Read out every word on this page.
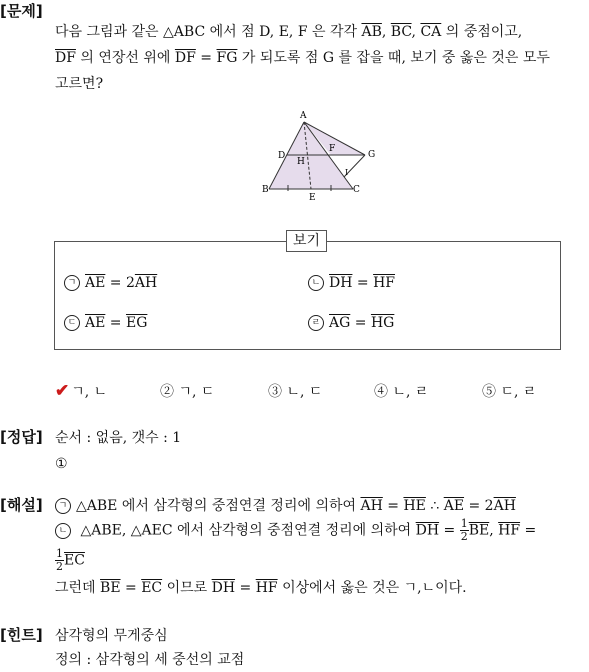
[문제]
다음 그림과 같은 △ABC 에서 점 D, E, F 은 각각 $\overline{AB}$, $\overline{BC}$, $\overline{CA}$ 의 중점이고,
$\overline{DF}$ 의 연장선 위에 $\overline{DF} = \overline{FG}$ 가 되도록 점 G 를 잡을 때, 보기 중 옳은 것은 모두
고르면?
A
B	C
D
E
F
G
H
I
보기
ㄱ $\overline{AE} = 2\overline{AH}$	ㄴ $\overline{DH} = \overline{HF}$
ㄷ $\overline{AE} = \overline{EG}$	ㄹ $\overline{AG} = \overline{HG}$
✔ ㄱ, ㄴ	② ㄱ, ㄷ	③ ㄴ, ㄷ	④ ㄴ, ㄹ	⑤ ㄷ, ㄹ
[정답] 순서 : 없음, 갯수 : 1
①
[해설]	ㄱ △ABE 에서 삼각형의 중점연결 정리에 의하여 $\overline{AH} = \overline{HE}$ ∴ $\overline{AE} = 2\overline{AH}$
ㄴ △ABE, △AEC 에서 삼각형의 중점연결 정리에 의하여 $\overline{DH} = \frac{1}{2} \overline{BE}$, $\overline{HF}$ =
$\frac{1}{2} \overline{EC}$
그런데 $\overline{BE} = \overline{EC}$ 이므로 $\overline{DH} = \overline{HF}$ 이상에서 옳은 것은 ㄱ,ㄴ이다.
[힌트] 삼각형의 무게중심
정의 : 삼각형의 세 중선의 교점
